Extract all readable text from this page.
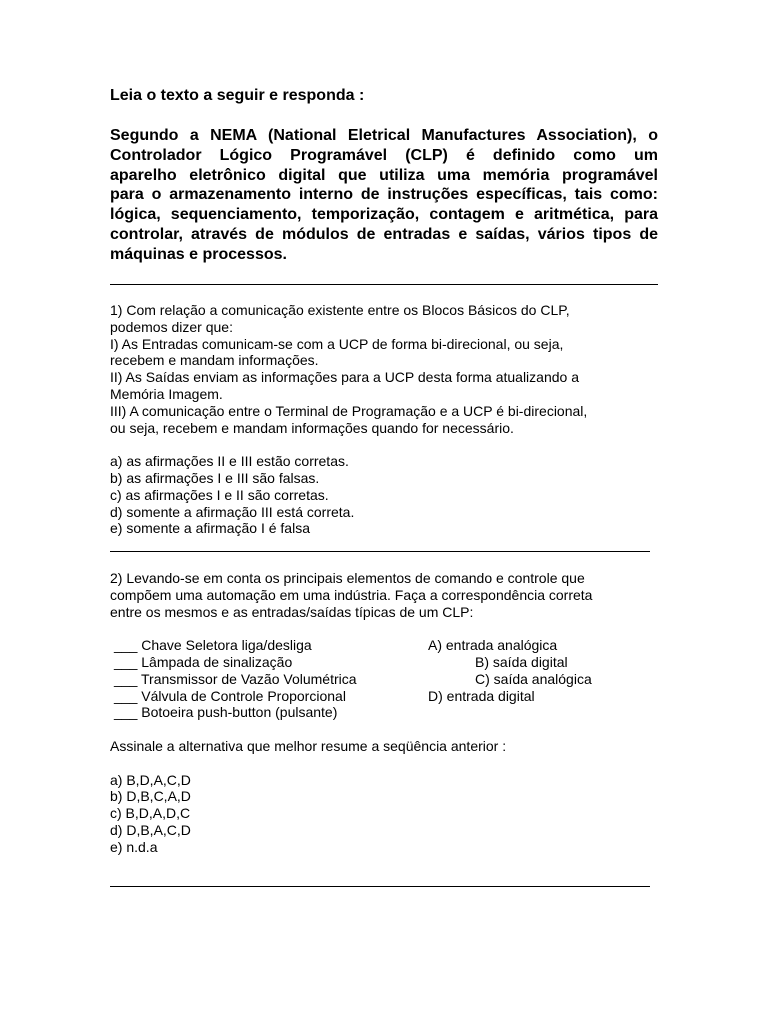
Leia o texto a seguir e responda :
Segundo a NEMA (National Eletrical Manufactures Association), o
Controlador Lógico Programável (CLP) é definido como um
aparelho eletrônico digital que utiliza uma memória programável
para o armazenamento interno de instruções específicas, tais como:
lógica, sequenciamento, temporização, contagem e aritmética, para
controlar, através de módulos de entradas e saídas, vários tipos de
máquinas e processos.
1) Com relação a comunicação existente entre os Blocos Básicos do CLP,
podemos dizer que:
I) As Entradas comunicam-se com a UCP de forma bi-direcional, ou seja,
recebem e mandam informações.
II) As Saídas enviam as informações para a UCP desta forma atualizando a
Memória Imagem.
III) A comunicação entre o Terminal de Programação e a UCP é bi-direcional,
ou seja, recebem e mandam informações quando for necessário.
a) as afirmações II e III estão corretas.
b) as afirmações I e III são falsas.
c) as afirmações I e II são corretas.
d) somente a afirmação III está correta.
e) somente a afirmação I é falsa
2) Levando-se em conta os principais elementos de comando e controle que
compõem uma automação em uma indústria. Faça a correspondência correta
entre os mesmos e as entradas/saídas típicas de um CLP:
___ Chave Seletora liga/desliga	A) entrada analógica
___ Lâmpada de sinalização	B) saída digital
___ Transmissor de Vazão Volumétrica	C) saída analógica
___ Válvula de Controle Proporcional	D) entrada digital
___ Botoeira push-button (pulsante)
Assinale a alternativa que melhor resume a seqüência anterior :
a) B,D,A,C,D
b) D,B,C,A,D
c) B,D,A,D,C
d) D,B,A,C,D
e) n.d.a
